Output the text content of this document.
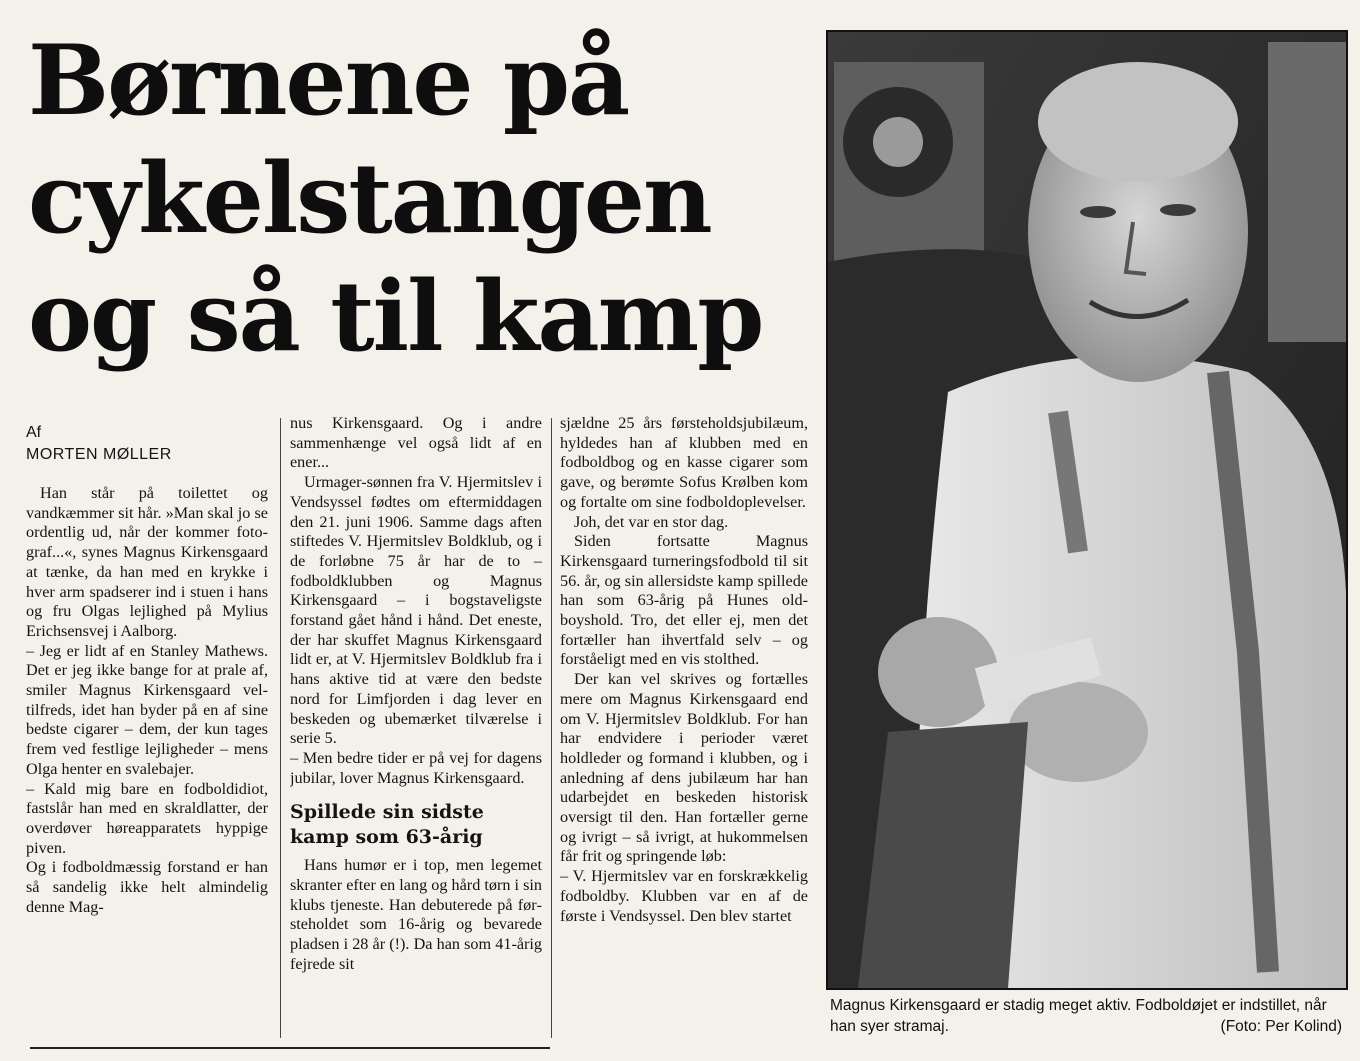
Børnene på
cykelstangen
og så til kamp
Af
MORTEN MØLLER

Han står på toilettet og vandkæmmer sit hår. »Man skal jo se ordentlig ud, når der kommer fotograf...«, synes Magnus Kirkensgaard at tænke, da han med en krykke i hver arm spadserer ind i stuen i hans og fru Olgas lejlighed på Mylius Erichsensvej i Aalborg.

– Jeg er lidt af en Stanley Mathews. Det er jeg ikke bange for at prale af, smiler Magnus Kirkensgaard veltilfreds, idet han byder på en af sine bedste cigarer – dem, der kun tages frem ved festlige lejligheder – mens Olga henter en svalebajer.

– Kald mig bare en fodboldidiot, fastslår han med en skraldlatter, der overdøver høreapparatets hyppige piven.

Og i fodboldmæssig forstand er han så sandelig ikke helt almindelig denne Mag-

nus Kirkensgaard. Og i andre sammenhænge vel også lidt af en ener...

Urmager-sønnen fra V. Hjermitslev i Vendsyssel fødtes om eftermiddagen den 21. juni 1906. Samme dags aften stiftedes V. Hjermitslev Boldklub, og i de forløbne 75 år har de to – fodboldklubben og Magnus Kirkensgaard – i bogstaveligste forstand gået hånd i hånd. Det eneste, der har skuffet Magnus Kirkensgaard lidt er, at V. Hjermitslev Boldklub fra i hans aktive tid at være den bedste nord for Limfjorden i dag lever en beskeden og ubemærket tilværelse i serie 5.

– Men bedre tider er på vej for dagens jubilar, lover Magnus Kirkensgaard.

Spillede sin sidste kamp som 63-årig

Hans humør er i top, men legemet skranter efter en lang og hård tørn i sin klubs tjeneste. Han debuterede på førsteholdet som 16-årig og bevarede pladsen i 28 år (!). Da han som 41-årig fejrede sit

sjældne 25 års førsteholdsjubilæum, hyldedes han af klubben med en fodboldbog og en kasse cigarer som gave, og berømte Sofus Krølben kom og fortalte om sine fodboldoplevelser.

Joh, det var en stor dag.

Siden fortsatte Magnus Kirkensgaard turneringsfodbold til sit 56. år, og sin allersidste kamp spillede han som 63-årig på Hunes oldboyshold. Tro, det eller ej, men det fortæller han ihvertfald selv – og forståeligt med en vis stolthed.

Der kan vel skrives og fortælles mere om Magnus Kirkensgaard end om V. Hjermitslev Boldklub. For han har endvidere i perioder været holdleder og formand i klubben, og i anledning af dens jubilæum har han udarbejdet en beskeden historisk oversigt til den. Han fortæller gerne og ivrigt – så ivrigt, at hukommelsen får frit og springende løb:

– V. Hjermitslev var en forskrækkelig fodboldby. Klubben var en af de første i Vendsyssel. Den blev startet

Magnus Kirkensgaard er stadig meget aktiv. Fodboldøjet er indstillet, når han syer stramaj.	(Foto: Per Kolind)
